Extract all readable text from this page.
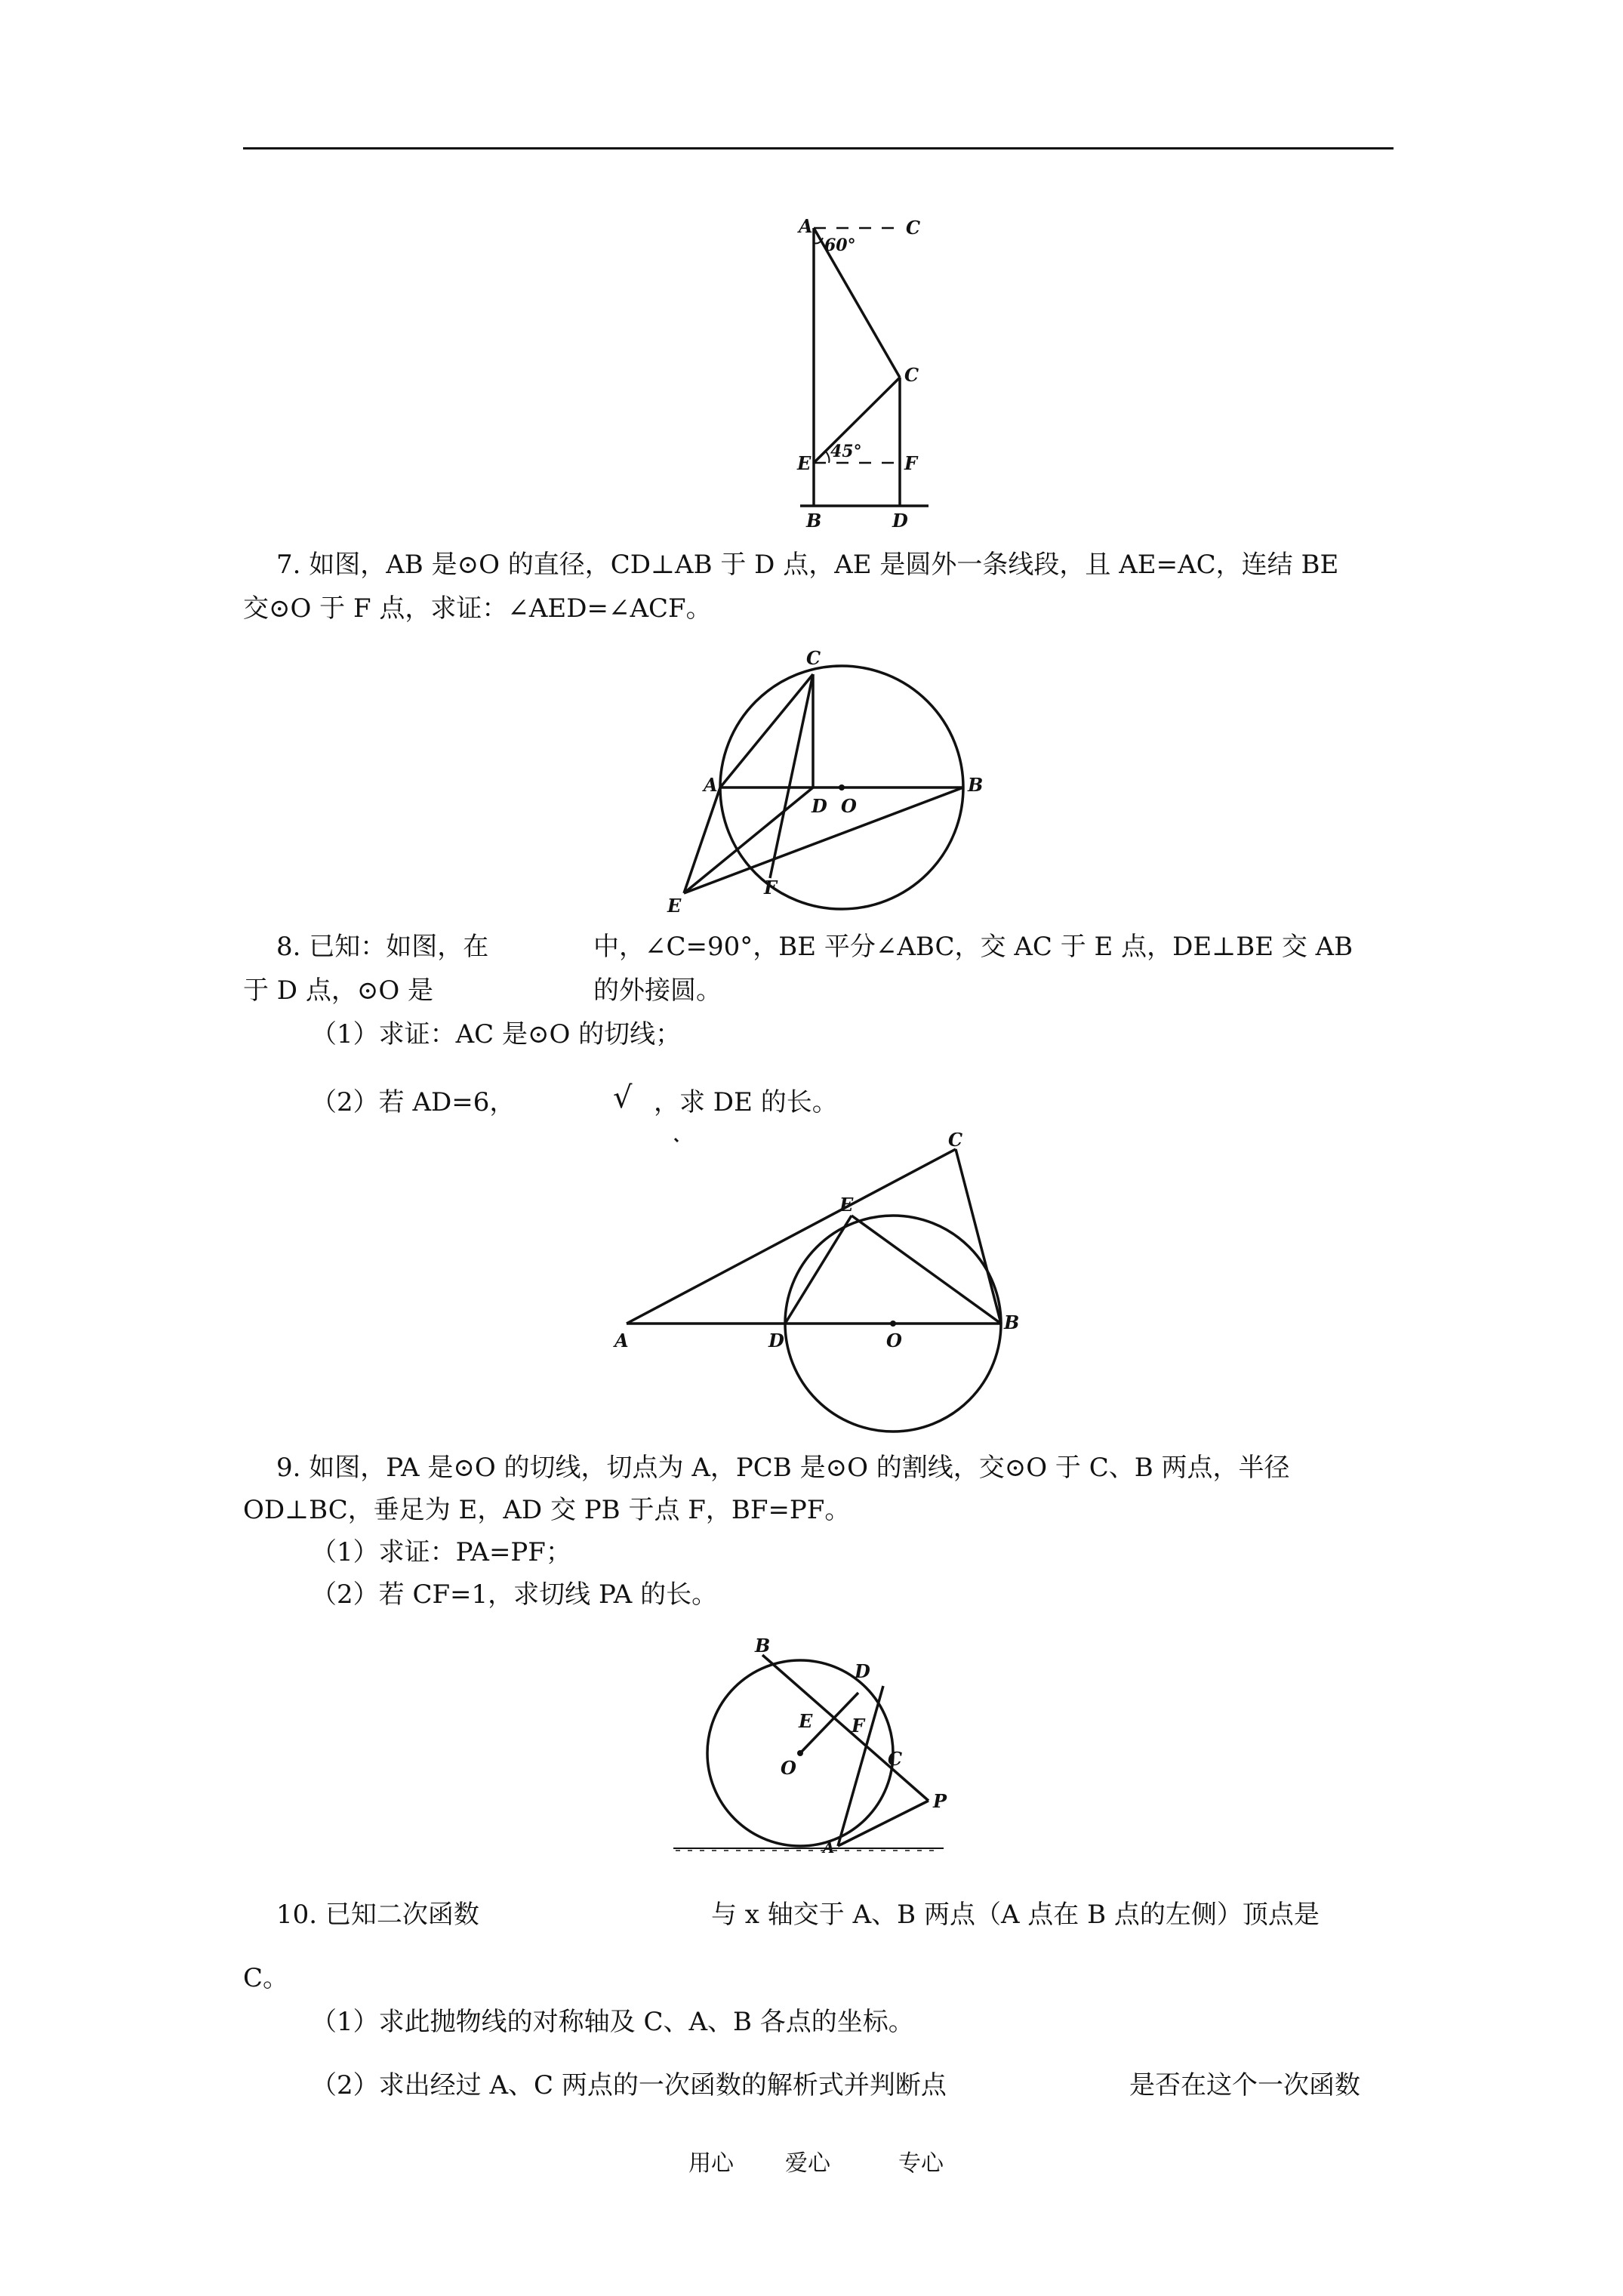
A
60°
C
C
45°
E	F
B	D
7. 如图，AB 是⊙O 的直径，CD⊥AB 于 D 点，AE 是圆外一条线段，且 AE=AC，连结 BE
交⊙O 于 F 点，求证：∠AED=∠ACF。
C
A
D O
B
E
F
8. 已知：如图，在	中，∠C=90°，BE 平分∠ABC，交 AC 于 E 点，DE⊥BE 交 AB
于 D 点，⊙O 是	的外接圆。
（1）求证：AC 是⊙O 的切线；
（2）若 AD=6，	√ ，求 DE 的长。
C
E
A	D	O
B
9. 如图，PA 是⊙O 的切线，切点为 A，PCB 是⊙O 的割线，交⊙O 于 C、B 两点，半径
OD⊥BC，垂足为 E，AD 交 PB 于点 F，BF=PF。
（1）求证：PA=PF；
（2）若 CF=1，求切线 PA 的长。
B
D
E F
O	C
P
A
10. 已知二次函数	与 x 轴交于 A、B 两点（A 点在 B 点的左侧）顶点是
C。
（1）求此抛物线的对称轴及 C、A、B 各点的坐标。
（2）求出经过 A、C 两点的一次函数的解析式并判断点	是否在这个一次函数
用心 爱心	专心
